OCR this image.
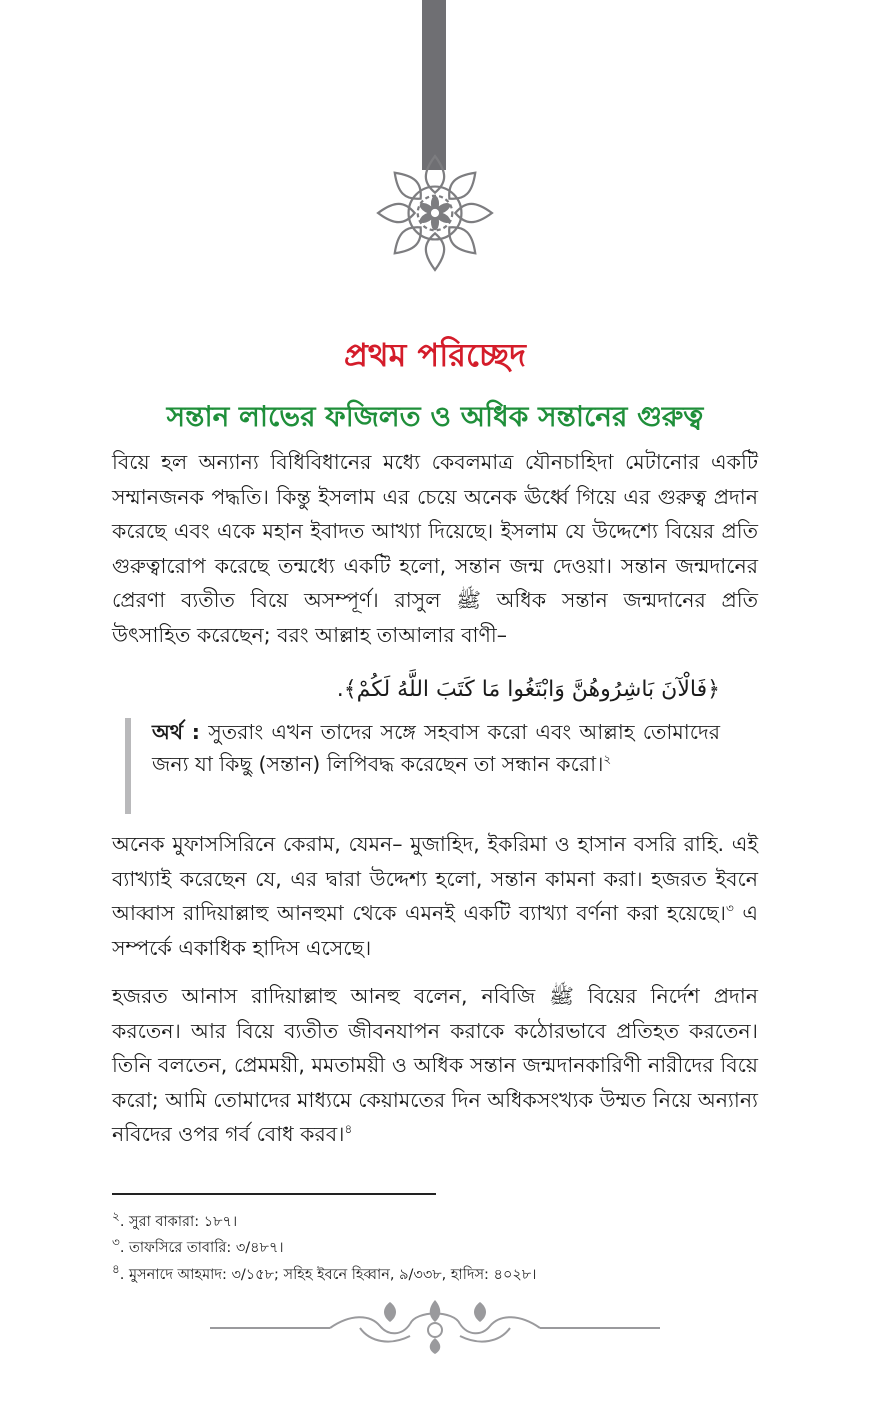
প্রথম পরিচ্ছেদ
সন্তান লাভের ফজিলত ও অধিক সন্তানের গুরুত্ব

বিয়ে হল অন্যান্য বিধিবিধানের মধ্যে কেবলমাত্র যৌনচাহিদা মেটানোর একটি সম্মানজনক পদ্ধতি। কিন্তু ইসলাম এর চেয়ে অনেক ঊর্ধ্বে গিয়ে এর গুরুত্ব প্রদান করেছে এবং একে মহান ইবাদত আখ্যা দিয়েছে। ইসলাম যে উদ্দেশ্যে বিয়ের প্রতি গুরুত্বারোপ করেছে তন্মধ্যে একটি হলো, সন্তান জন্ম দেওয়া। সন্তান জন্মদানের প্রেরণা ব্যতীত বিয়ে অসম্পূর্ণ। রাসুল ﷺ অধিক সন্তান জন্মদানের প্রতি উৎসাহিত করেছেন; বরং আল্লাহ তাআলার বাণী–

﴿فَالْآنَ بَاشِرُوهُنَّ وَابْتَغُوا مَا كَتَبَ اللَّهُ لَكُمْ﴾.

অর্থ : সুতরাং এখন তাদের সঙ্গে সহবাস করো এবং আল্লাহ তোমাদের জন্য যা কিছু (সন্তান) লিপিবদ্ধ করেছেন তা সন্ধান করো।$^২$

অনেক মুফাসসিরিনে কেরাম, যেমন– মুজাহিদ, ইকরিমা ও হাসান বসরি রাহি. এই ব্যাখ্যাই করেছেন যে, এর দ্বারা উদ্দেশ্য হলো, সন্তান কামনা করা। হজরত ইবনে আব্বাস রাদিয়াল্লাহু আনহুমা থেকে এমনই একটি ব্যাখ্যা বর্ণনা করা হয়েছে।$^৩$ এ সম্পর্কে একাধিক হাদিস এসেছে।

হজরত আনাস রাদিয়াল্লাহু আনহু বলেন, নবিজি ﷺ বিয়ের নির্দেশ প্রদান করতেন। আর বিয়ে ব্যতীত জীবনযাপন করাকে কঠোরভাবে প্রতিহত করতেন। তিনি বলতেন, প্রেমময়ী, মমতাময়ী ও অধিক সন্তান জন্মদানকারিণী নারীদের বিয়ে করো; আমি তোমাদের মাধ্যমে কেয়ামতের দিন অধিকসংখ্যক উম্মত নিয়ে অন্যান্য নবিদের ওপর গর্ব বোধ করব।$^৪$

$^২$. সুরা বাকারা: ১৮৭।
$^৩$. তাফসিরে তাবারি: ৩/৪৮৭।
$^৪$. মুসনাদে আহমাদ: ৩/১৫৮; সহিহ ইবনে হিব্বান, ৯/৩৩৮, হাদিস: ৪০২৮।
